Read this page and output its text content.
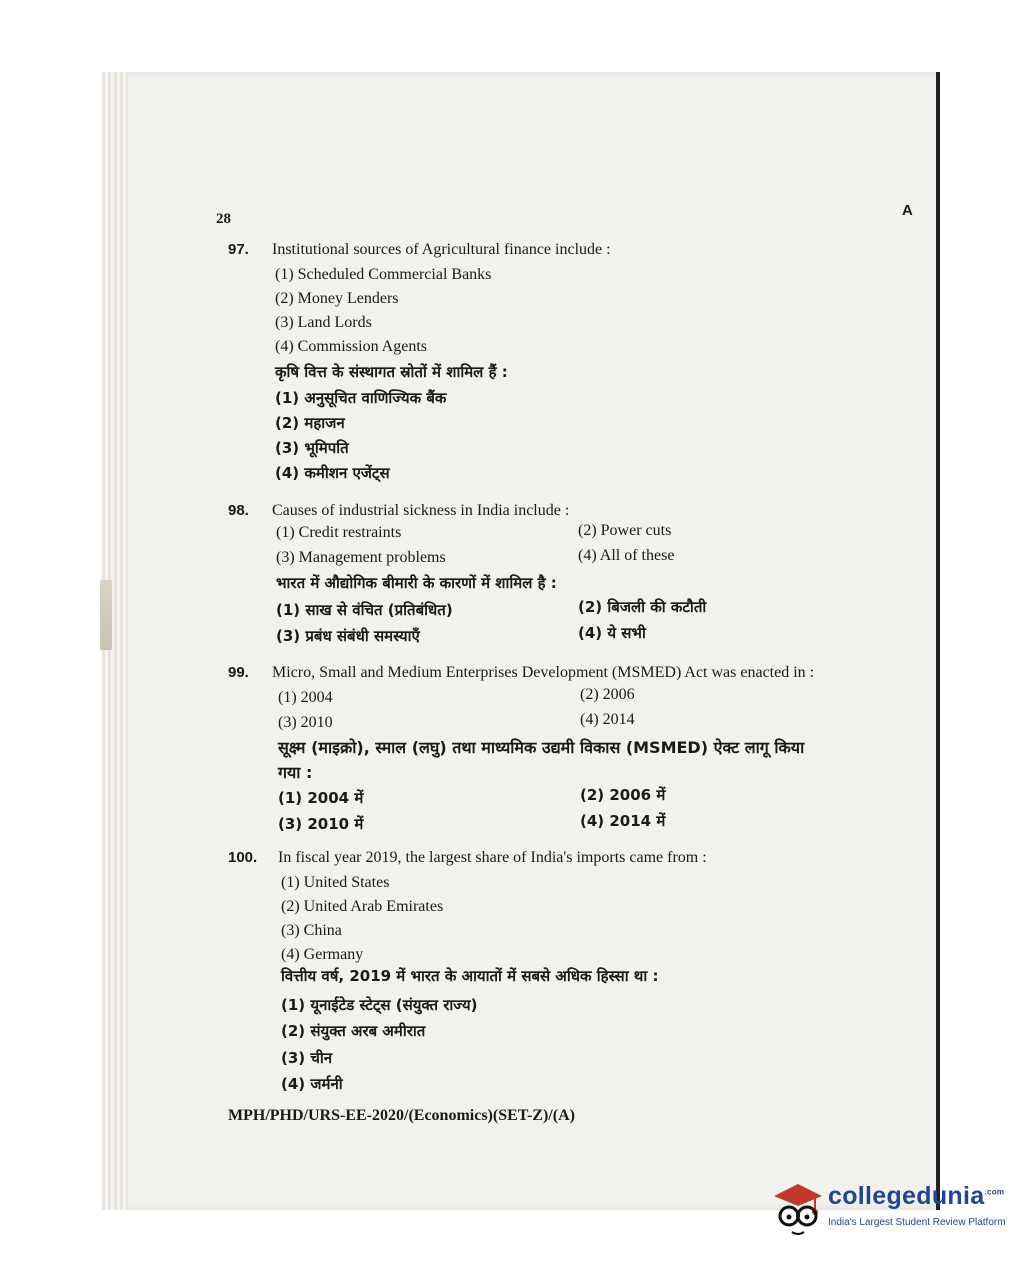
28	A
97. Institutional sources of Agricultural finance include :
(1) Scheduled Commercial Banks
(2) Money Lenders
(3) Land Lords
(4) Commission Agents
कृषि वित्त के संस्थागत स्रोतों में शामिल हैं :
(1) अनुसूचित वाणिज्यिक बैंक
(2) महाजन
(3) भूमिपति
(4) कमीशन एजेंट्स
98. Causes of industrial sickness in India include :
(1) Credit restraints	(2) Power cuts
(3) Management problems	(4) All of these
भारत में औद्योगिक बीमारी के कारणों में शामिल है :
(1) साख से वंचित (प्रतिबंधित)	(2) बिजली की कटौती
(3) प्रबंध संबंधी समस्याएँ	(4) ये सभी
99. Micro, Small and Medium Enterprises Development (MSMED) Act was enacted in :
(1) 2004	(2) 2006
(3) 2010	(4) 2014
सूक्ष्म (माइक्रो), स्माल (लघु) तथा माध्यमिक उद्यमी विकास (MSMED) ऐक्ट लागू किया
गया :
(1) 2004 में	(2) 2006 में
(3) 2010 में	(4) 2014 में
100. In fiscal year 2019, the largest share of India's imports came from :
(1) United States
(2) United Arab Emirates
(3) China
(4) Germany
वित्तीय वर्ष, 2019 में भारत के आयातों में सबसे अधिक हिस्सा था :
(1) यूनाईटेड स्टेट्स (संयुक्त राज्य)
(2) संयुक्त अरब अमीरात
(3) चीन
(4) जर्मनी
MPH/PHD/URS-EE-2020/(Economics)(SET-Z)/(A)
collegedunia$^{.com}$
India's Largest Student Review Platform
